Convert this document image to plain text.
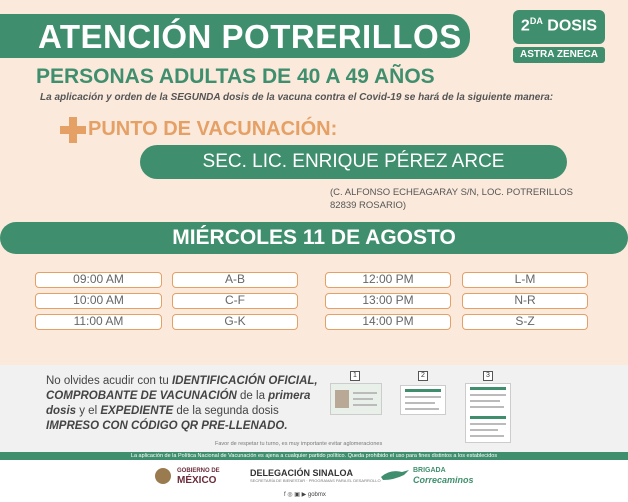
ATENCIÓN POTRERILLOS	$2^{DA}$ DOSIS
ASTRA ZENECA
PERSONAS ADULTAS DE 40 A 49 AÑOS
La aplicación y orden de la SEGUNDA dosis de la vacuna contra el Covid-19 se hará de la siguiente manera:
PUNTO DE VACUNACIÓN:
SEC. LIC. ENRIQUE PÉREZ ARCE
(C. ALFONSO ECHEAGARAY S/N, LOC. POTRERILLOS
82839 ROSARIO)
MIÉRCOLES 11 DE AGOSTO
09:00 AM	A-B
10:00 AM	C-F
11:00 AM	G-K
12:00 PM	L-M
13:00 PM	N-R
14:00 PM	S-Z
No olvides acudir con tu IDENTIFICACIÓN OFICIAL, COMPROBANTE DE VACUNACIÓN de la primera dosis y el EXPEDIENTE de la segunda dosis IMPRESO CON CÓDIGO QR PRE-LLENADO.
1	2	3
Favor de respetar tu turno, es muy importante evitar aglomeraciones
La aplicación de la Política Nacional de Vacunación es ajena a cualquier partido político. Queda prohibido el uso para fines distintos a los establecidos
GOBIERNO DE
MÉXICO
DELEGACIÓN SINALOA
SECRETARÍA DE BIENESTAR · PROGRAMAS PARA EL DESARROLLO
BRIGADA
Correcaminos
f ◎ ▣ ▶ gobmx
